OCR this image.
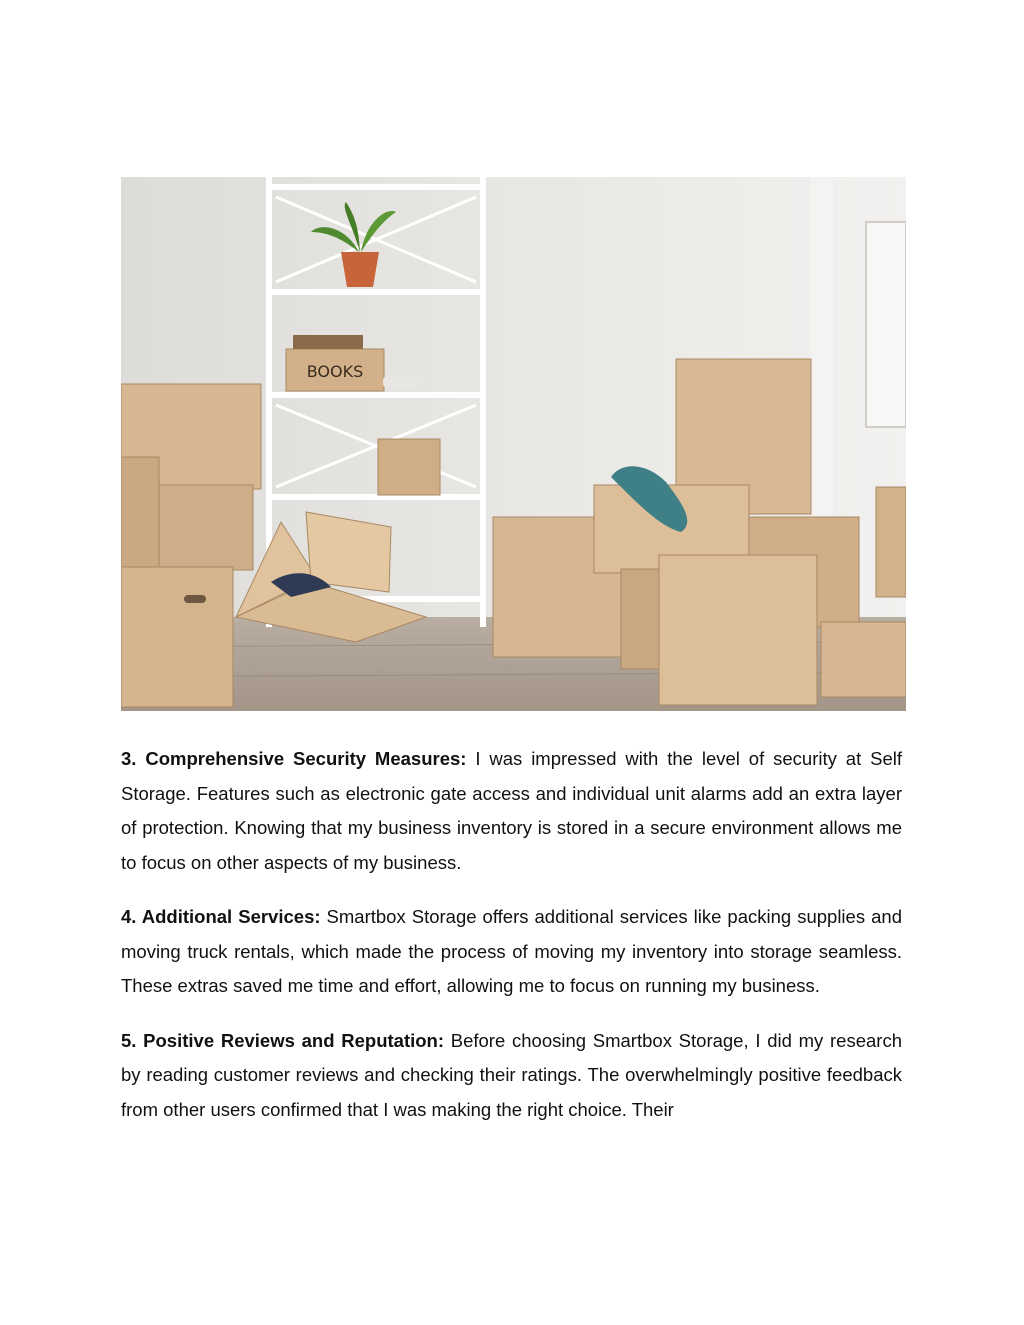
BOOKS

3. Comprehensive Security Measures: I was impressed with the level of security at Self Storage. Features such as electronic gate access and individual unit alarms add an extra layer of protection. Knowing that my business inventory is stored in a secure environment allows me to focus on other aspects of my business.

4. Additional Services: Smartbox Storage offers additional services like packing supplies and moving truck rentals, which made the process of moving my inventory into storage seamless. These extras saved me time and effort, allowing me to focus on running my business.

5. Positive Reviews and Reputation: Before choosing Smartbox Storage, I did my research by reading customer reviews and checking their ratings. The overwhelmingly positive feedback from other users confirmed that I was making the right choice. Their
